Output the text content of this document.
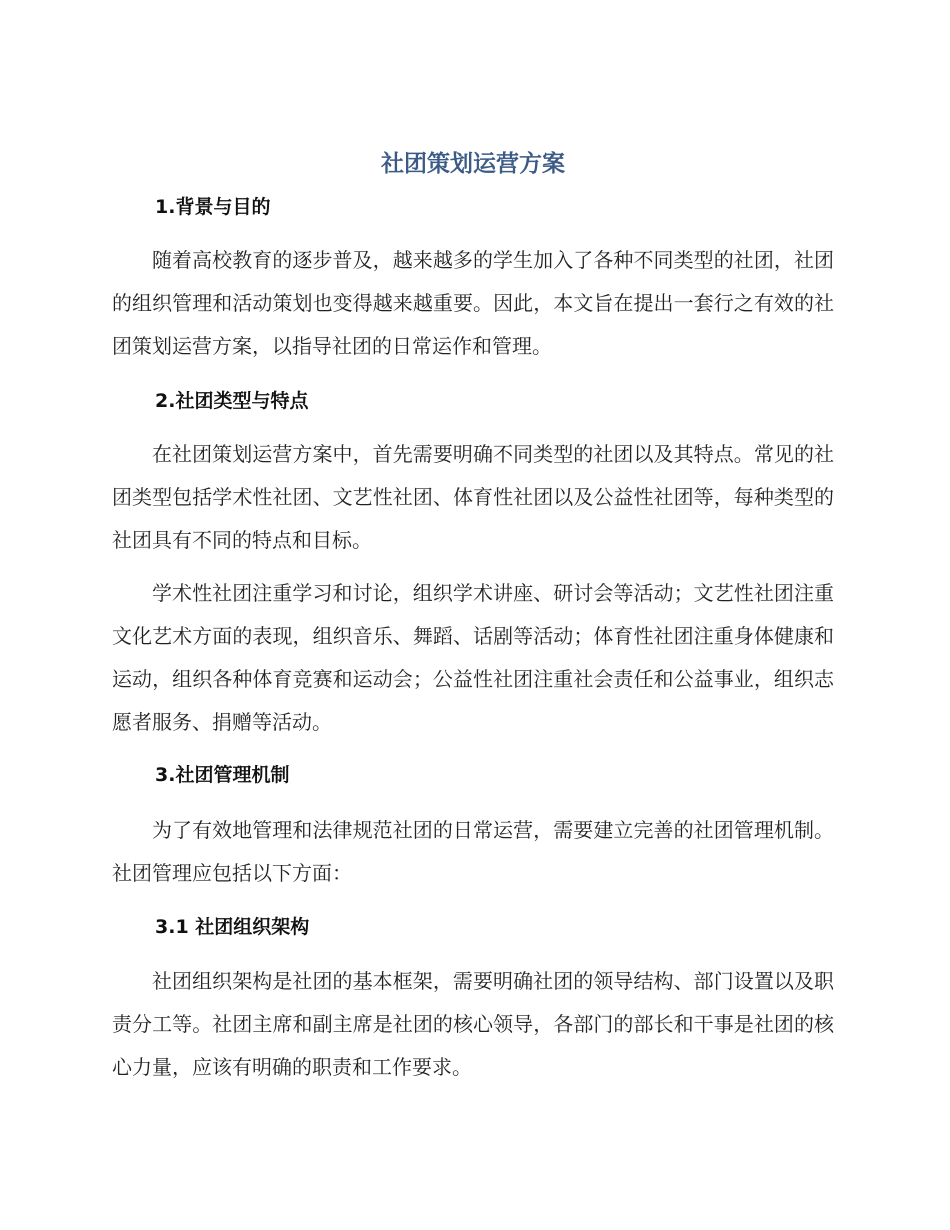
社团策划运营方案
1.背景与目的

随着高校教育的逐步普及，越来越多的学生加入了各种不同类型的社团，社团的组织管理和活动策划也变得越来越重要。因此，本文旨在提出一套行之有效的社团策划运营方案，以指导社团的日常运作和管理。

2.社团类型与特点

在社团策划运营方案中，首先需要明确不同类型的社团以及其特点。常见的社团类型包括学术性社团、文艺性社团、体育性社团以及公益性社团等，每种类型的社团具有不同的特点和目标。

学术性社团注重学习和讨论，组织学术讲座、研讨会等活动；文艺性社团注重文化艺术方面的表现，组织音乐、舞蹈、话剧等活动；体育性社团注重身体健康和运动，组织各种体育竞赛和运动会；公益性社团注重社会责任和公益事业，组织志愿者服务、捐赠等活动。

3.社团管理机制

为了有效地管理和法律规范社团的日常运营，需要建立完善的社团管理机制。社团管理应包括以下方面：

3.1 社团组织架构

社团组织架构是社团的基本框架，需要明确社团的领导结构、部门设置以及职责分工等。社团主席和副主席是社团的核心领导，各部门的部长和干事是社团的核心力量，应该有明确的职责和工作要求。
